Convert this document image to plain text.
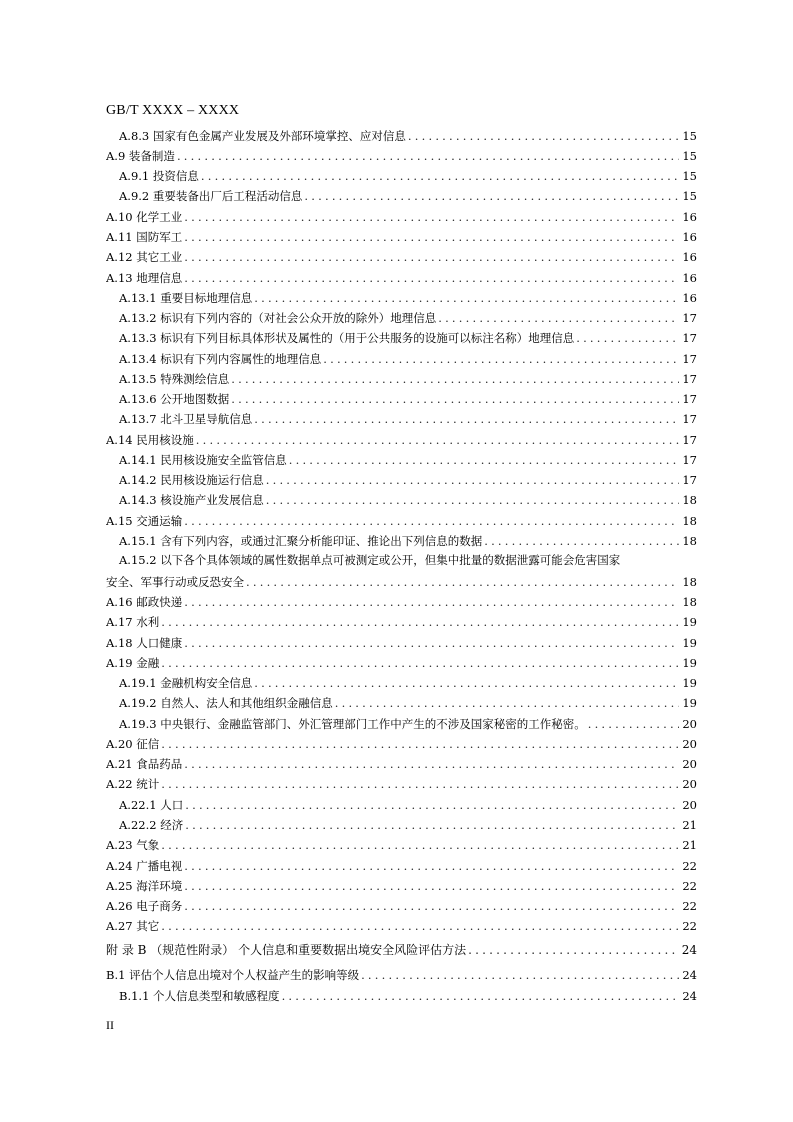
GB/T XXXX – XXXX
A.8.3 国家有色金属产业发展及外部环境掌控、应对信息 .....	15
A.9 装备制造 .....	15
A.9.1 投资信息 .....	15
A.9.2 重要装备出厂后工程活动信息 .....	15
A.10 化学工业 .....	16
A.11 国防军工 .....	16
A.12 其它工业 .....	16
A.13 地理信息 .....	16
A.13.1 重要目标地理信息 .....	16
A.13.2 标识有下列内容的（对社会公众开放的除外）地理信息 .....	17
A.13.3 标识有下列目标具体形状及属性的（用于公共服务的设施可以标注名称）地理信息 .....	17
A.13.4 标识有下列内容属性的地理信息 .....	17
A.13.5 特殊测绘信息 .....	17
A.13.6 公开地图数据 .....	17
A.13.7 北斗卫星导航信息 .....	17
A.14 民用核设施 .....	17
A.14.1 民用核设施安全监管信息 .....	17
A.14.2 民用核设施运行信息 .....	17
A.14.3 核设施产业发展信息 .....	18
A.15 交通运输 .....	18
A.15.1 含有下列内容，或通过汇聚分析能印证、推论出下列信息的数据 .....	18
A.15.2 以下各个具体领域的属性数据单点可被测定或公开，但集中批量的数据泄露可能会危害国家
安全、军事行动或反恐安全 .....	18
A.16 邮政快递 .....	18
A.17 水利 .....	19
A.18 人口健康 .....	19
A.19 金融 .....	19
A.19.1 金融机构安全信息 .....	19
A.19.2 自然人、法人和其他组织金融信息 .....	19
A.19.3 中央银行、金融监管部门、外汇管理部门工作中产生的不涉及国家秘密的工作秘密。 .....	20
A.20 征信 .....	20
A.21 食品药品 .....	20
A.22 统计 .....	20
A.22.1 人口 .....	20
A.22.2 经济 .....	21
A.23 气象 .....	21
A.24 广播电视 .....	22
A.25 海洋环境 .....	22
A.26 电子商务 .....	22
A.27 其它 .....	22
附 录 B （规范性附录） 个人信息和重要数据出境安全风险评估方法 .....	24
B.1 评估个人信息出境对个人权益产生的影响等级 .....	24
B.1.1 个人信息类型和敏感程度 .....	24
II
